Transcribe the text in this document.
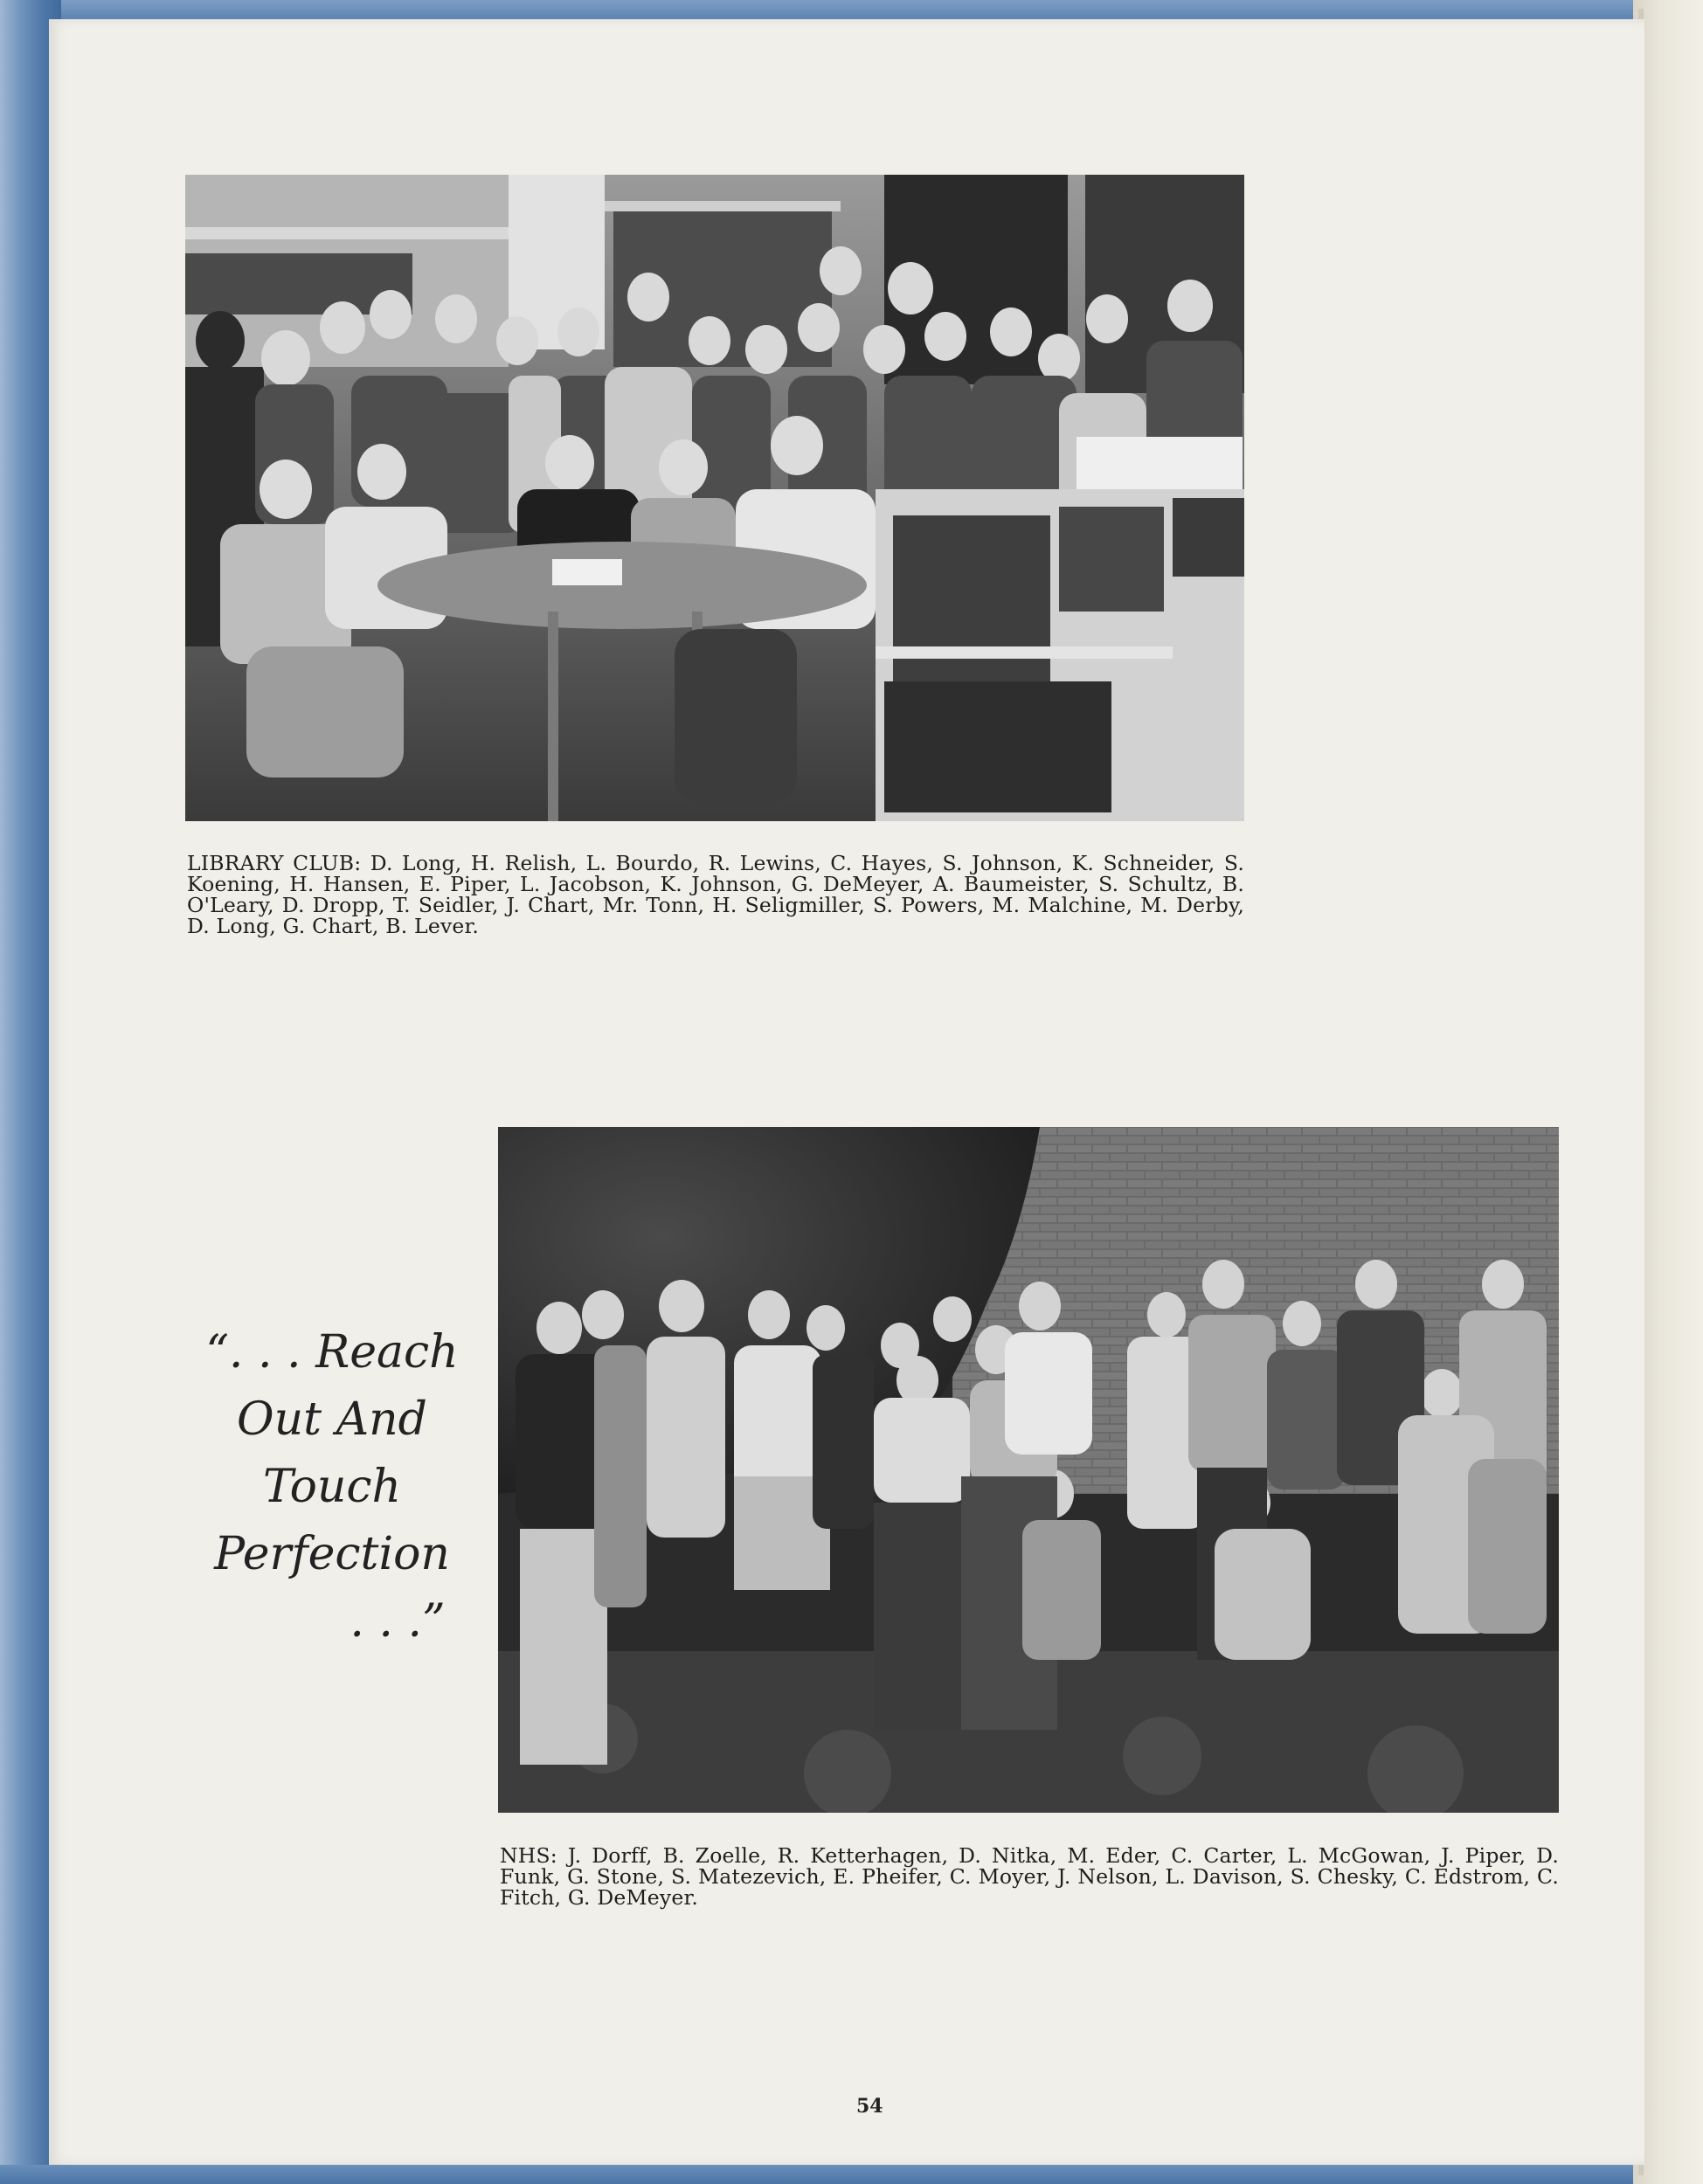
LIBRARY CLUB: D. Long, H. Relish, L. Bourdo, R. Lewins, C. Hayes, S. Johnson, K. Schneider, S. Koening, H. Hansen, E. Piper, L. Jacobson, K. Johnson, G. DeMeyer, A. Baumeister, S. Schultz, B. O'Leary, D. Dropp, T. Seidler, J. Chart, Mr. Tonn, H. Seligmiller, S. Powers, M. Malchine, M. Derby, D. Long, G. Chart, B. Lever.
“. . . Reach
Out And
Touch
Perfection
. . .”
NHS: J. Dorff, B. Zoelle, R. Ketterhagen, D. Nitka, M. Eder, C. Carter, L. McGowan, J. Piper, D. Funk, G. Stone, S. Matezevich, E. Pheifer, C. Moyer, J. Nelson, L. Davison, S. Chesky, C. Edstrom, C. Fitch, G. DeMeyer.
54
